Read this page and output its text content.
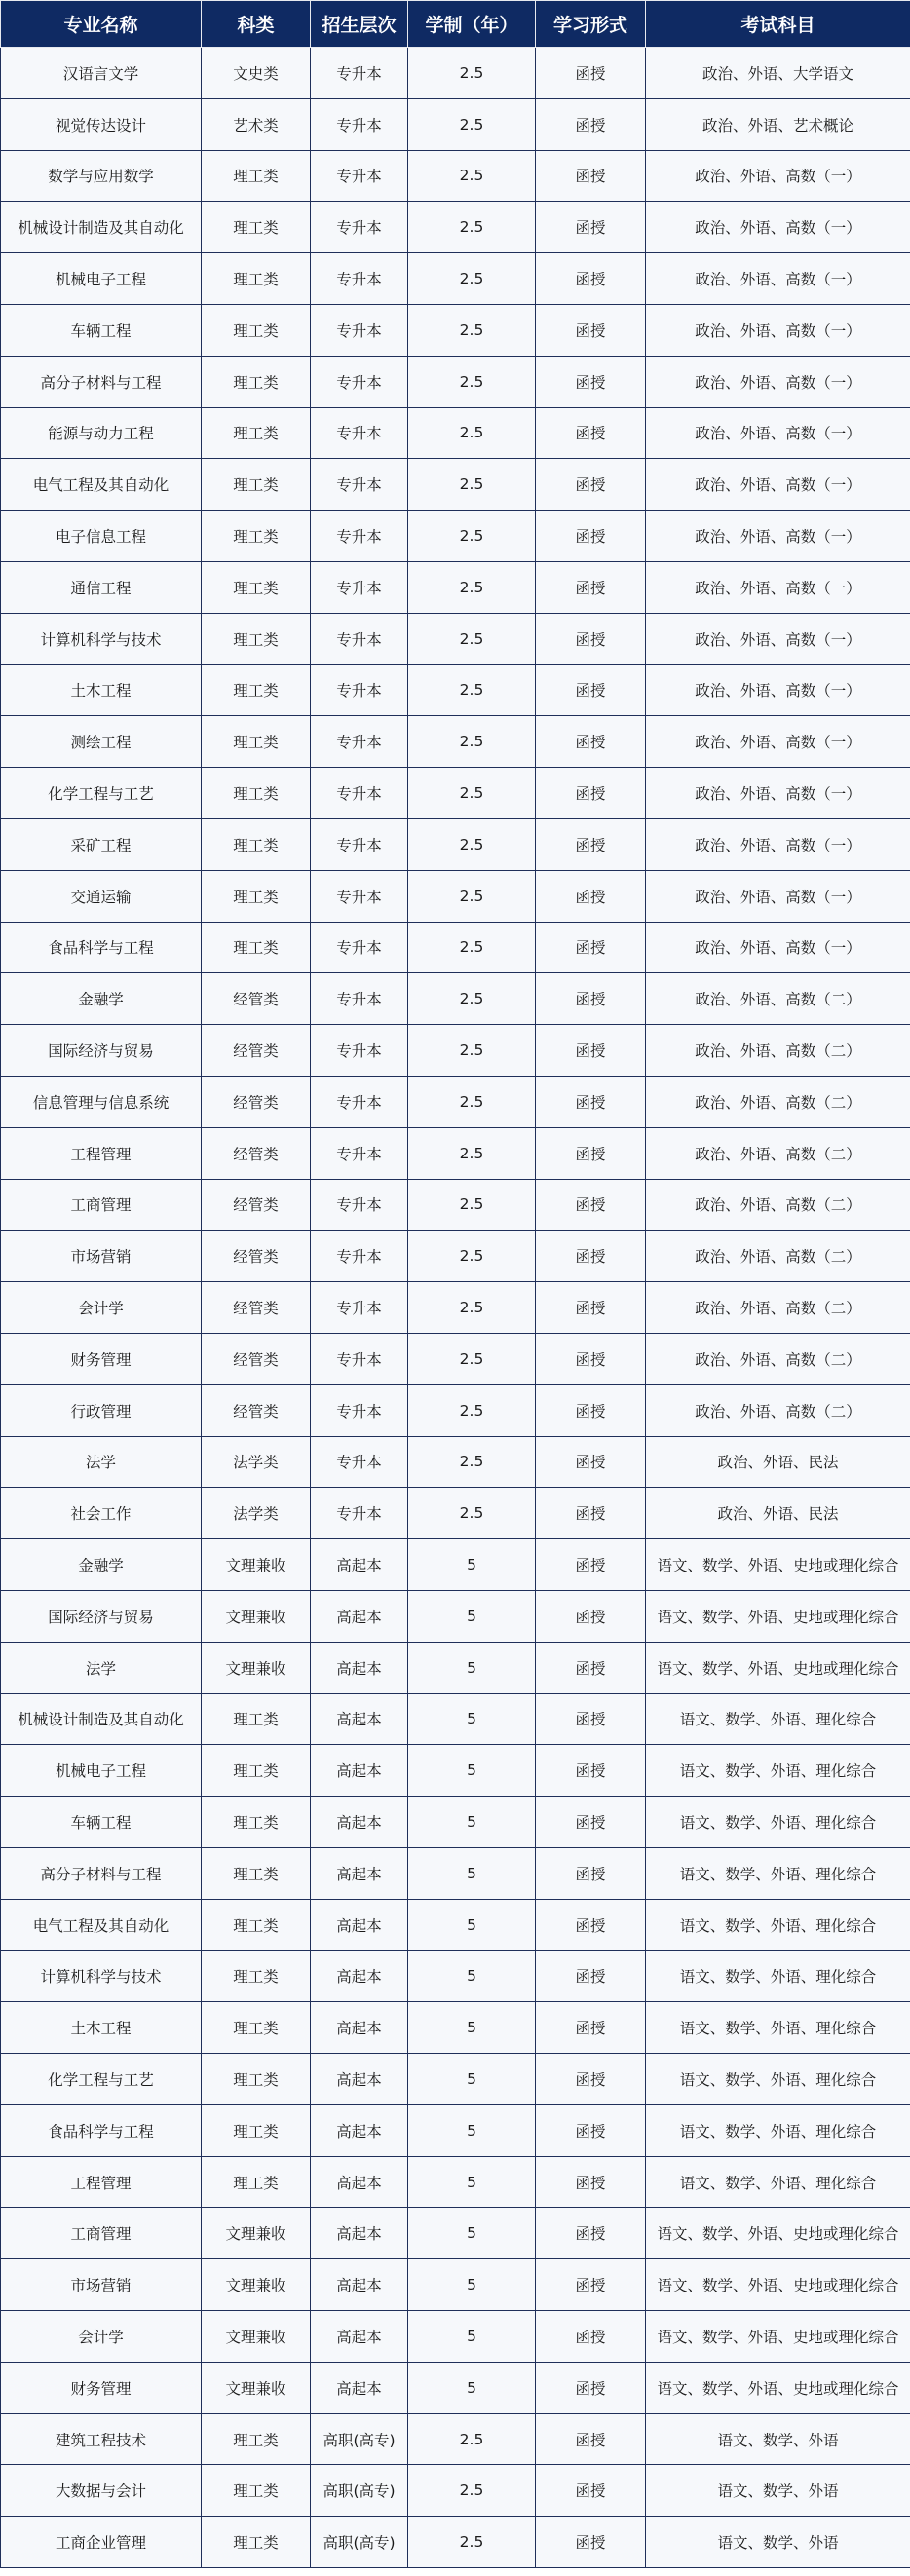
专业名称	科类	招生层次	学制（年）	学习形式	考试科目
汉语言文学	文史类	专升本	2.5	函授	政治、外语、大学语文
视觉传达设计	艺术类	专升本	2.5	函授	政治、外语、艺术概论
数学与应用数学	理工类	专升本	2.5	函授	政治、外语、高数（一）
机械设计制造及其自动化	理工类	专升本	2.5	函授	政治、外语、高数（一）
机械电子工程	理工类	专升本	2.5	函授	政治、外语、高数（一）
车辆工程	理工类	专升本	2.5	函授	政治、外语、高数（一）
高分子材料与工程	理工类	专升本	2.5	函授	政治、外语、高数（一）
能源与动力工程	理工类	专升本	2.5	函授	政治、外语、高数（一）
电气工程及其自动化	理工类	专升本	2.5	函授	政治、外语、高数（一）
电子信息工程	理工类	专升本	2.5	函授	政治、外语、高数（一）
通信工程	理工类	专升本	2.5	函授	政治、外语、高数（一）
计算机科学与技术	理工类	专升本	2.5	函授	政治、外语、高数（一）
土木工程	理工类	专升本	2.5	函授	政治、外语、高数（一）
测绘工程	理工类	专升本	2.5	函授	政治、外语、高数（一）
化学工程与工艺	理工类	专升本	2.5	函授	政治、外语、高数（一）
采矿工程	理工类	专升本	2.5	函授	政治、外语、高数（一）
交通运输	理工类	专升本	2.5	函授	政治、外语、高数（一）
食品科学与工程	理工类	专升本	2.5	函授	政治、外语、高数（一）
金融学	经管类	专升本	2.5	函授	政治、外语、高数（二）
国际经济与贸易	经管类	专升本	2.5	函授	政治、外语、高数（二）
信息管理与信息系统	经管类	专升本	2.5	函授	政治、外语、高数（二）
工程管理	经管类	专升本	2.5	函授	政治、外语、高数（二）
工商管理	经管类	专升本	2.5	函授	政治、外语、高数（二）
市场营销	经管类	专升本	2.5	函授	政治、外语、高数（二）
会计学	经管类	专升本	2.5	函授	政治、外语、高数（二）
财务管理	经管类	专升本	2.5	函授	政治、外语、高数（二）
行政管理	经管类	专升本	2.5	函授	政治、外语、高数（二）
法学	法学类	专升本	2.5	函授	政治、外语、民法
社会工作	法学类	专升本	2.5	函授	政治、外语、民法
金融学	文理兼收	高起本	5	函授	语文、数学、外语、史地或理化综合
国际经济与贸易	文理兼收	高起本	5	函授	语文、数学、外语、史地或理化综合
法学	文理兼收	高起本	5	函授	语文、数学、外语、史地或理化综合
机械设计制造及其自动化	理工类	高起本	5	函授	语文、数学、外语、理化综合
机械电子工程	理工类	高起本	5	函授	语文、数学、外语、理化综合
车辆工程	理工类	高起本	5	函授	语文、数学、外语、理化综合
高分子材料与工程	理工类	高起本	5	函授	语文、数学、外语、理化综合
电气工程及其自动化	理工类	高起本	5	函授	语文、数学、外语、理化综合
计算机科学与技术	理工类	高起本	5	函授	语文、数学、外语、理化综合
土木工程	理工类	高起本	5	函授	语文、数学、外语、理化综合
化学工程与工艺	理工类	高起本	5	函授	语文、数学、外语、理化综合
食品科学与工程	理工类	高起本	5	函授	语文、数学、外语、理化综合
工程管理	理工类	高起本	5	函授	语文、数学、外语、理化综合
工商管理	文理兼收	高起本	5	函授	语文、数学、外语、史地或理化综合
市场营销	文理兼收	高起本	5	函授	语文、数学、外语、史地或理化综合
会计学	文理兼收	高起本	5	函授	语文、数学、外语、史地或理化综合
财务管理	文理兼收	高起本	5	函授	语文、数学、外语、史地或理化综合
建筑工程技术	理工类	高职(高专)	2.5	函授	语文、数学、外语
大数据与会计	理工类	高职(高专)	2.5	函授	语文、数学、外语
工商企业管理	理工类	高职(高专)	2.5	函授	语文、数学、外语
